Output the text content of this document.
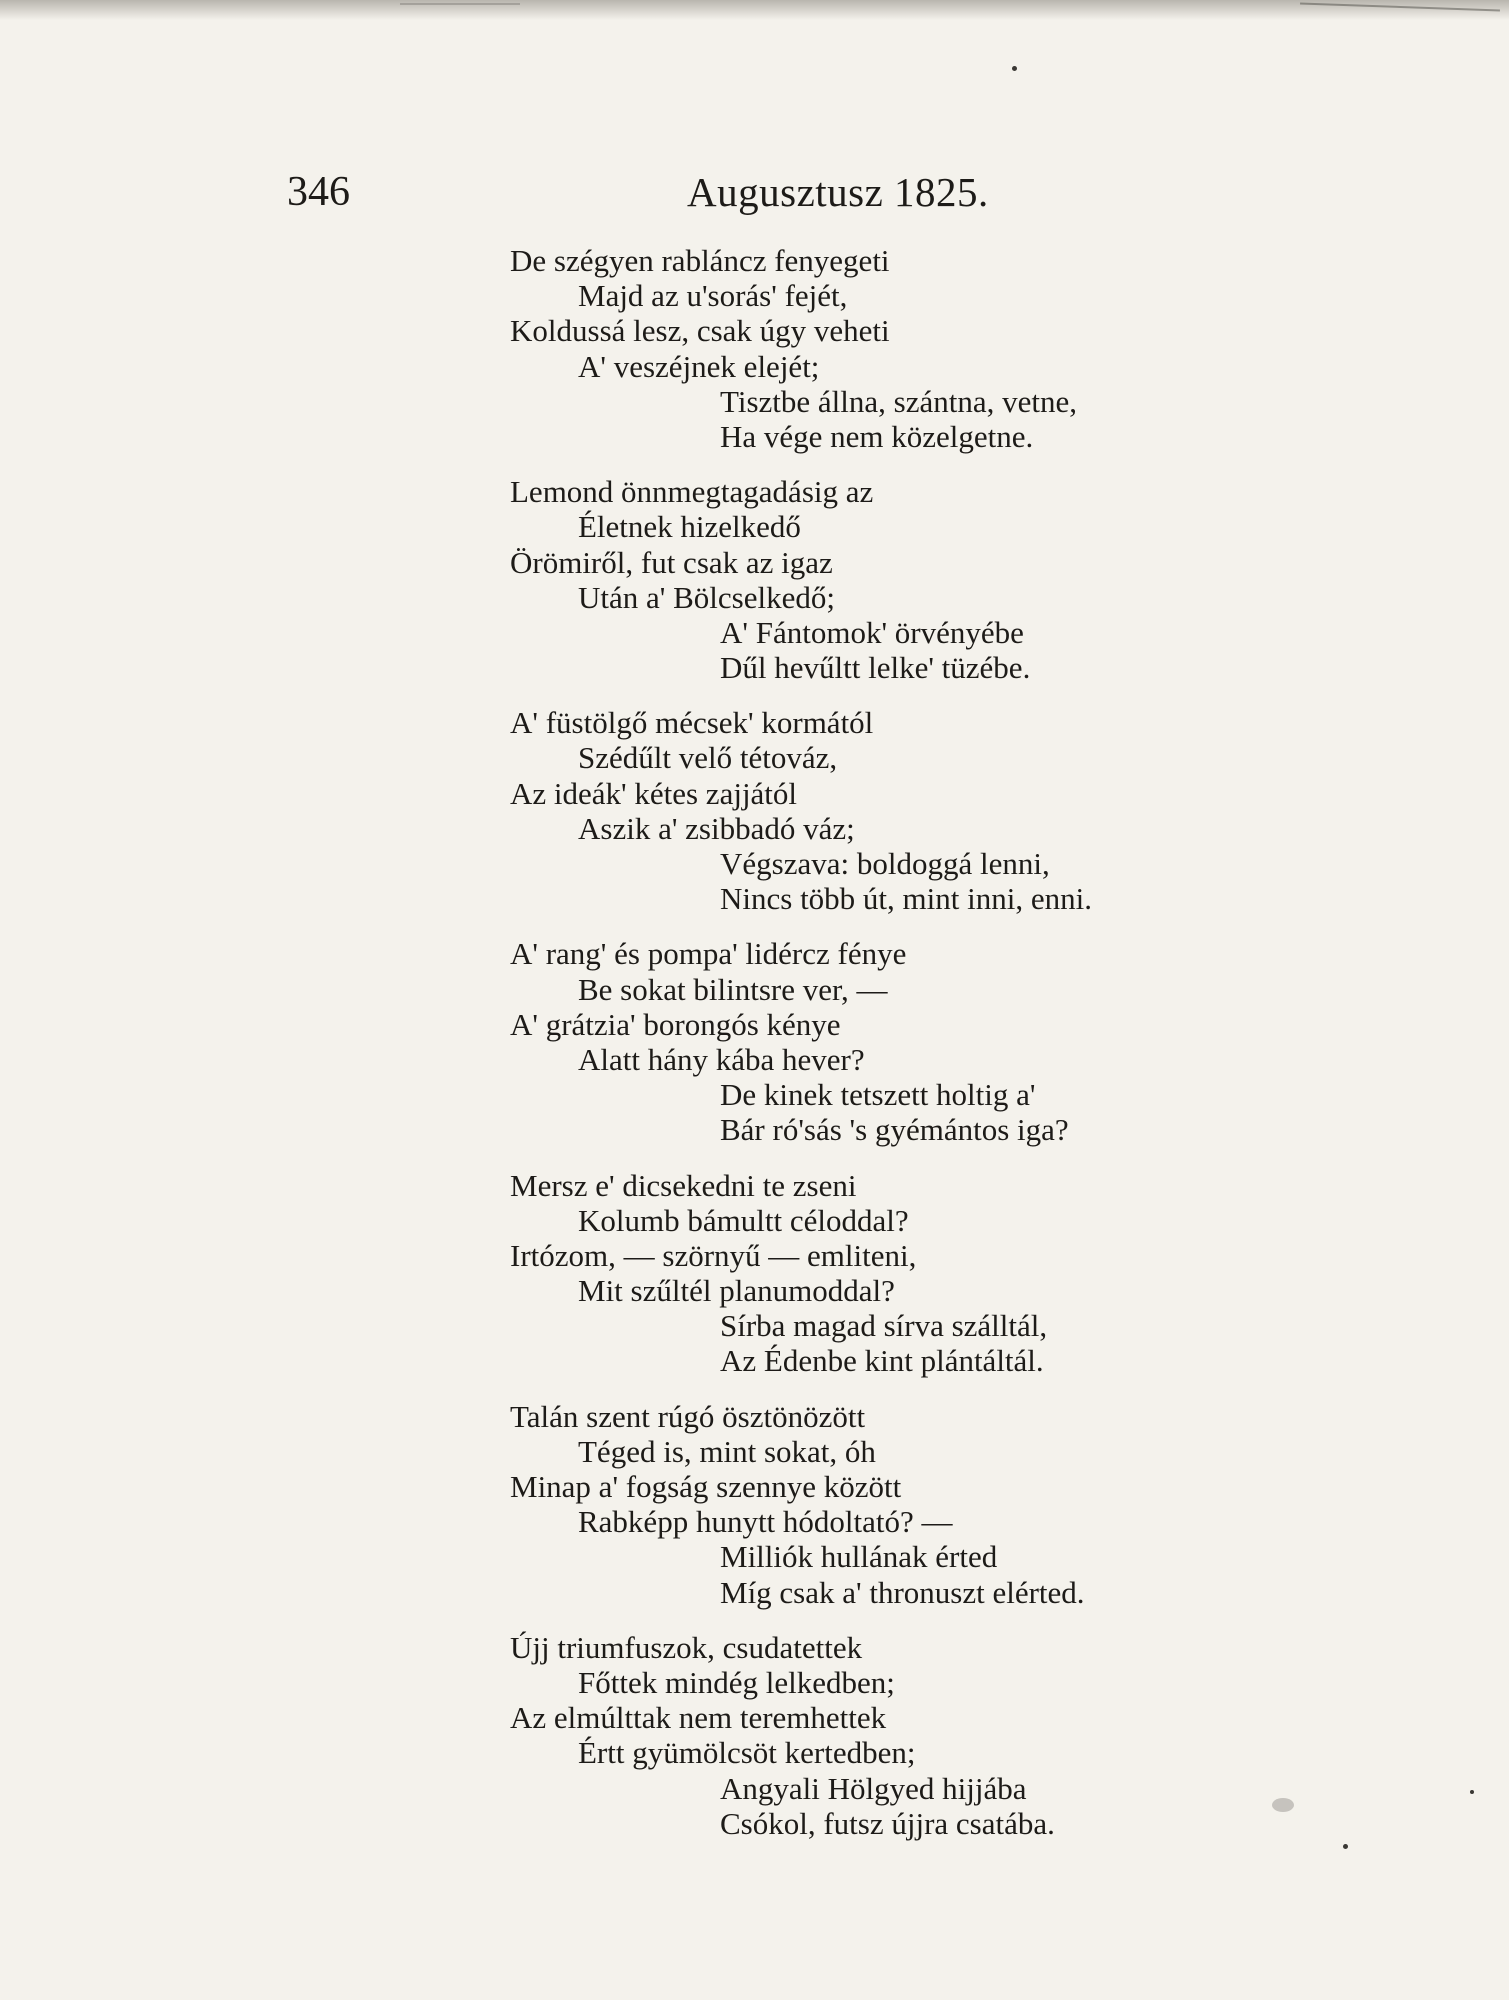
346	Augusztusz 1825.
De szégyen rabláncz fenyegeti
Majd az u'sorás' fejét,
Koldussá lesz, csak úgy veheti
A' veszéjnek elejét;
Tisztbe állna, szántna, vetne,
Ha vége nem közelgetne.
Lemond önnmegtagadásig az
Életnek hizelkedő
Örömiről, fut csak az igaz
Után a' Bölcselkedő;
A' Fántomok' örvényébe
Dűl hevűltt lelke' tüzébe.
A' füstölgő mécsek' kormától
Szédűlt velő tétováz,
Az ideák' kétes zajjától
Aszik a' zsibbadó váz;
Végszava: boldoggá lenni,
Nincs több út, mint inni, enni.
A' rang' és pompa' lidércz fénye
Be sokat bilintsre ver, —
A' grátzia' borongós kénye
Alatt hány kába hever?
De kinek tetszett holtig a'
Bár ró'sás 's gyémántos iga?
Mersz e' dicsekedni te zseni
Kolumb bámultt céloddal?
Irtózom, — szörnyű — emliteni,
Mit szűltél planumoddal?
Sírba magad sírva szálltál,
Az Édenbe kint plántáltál.
Talán szent rúgó ösztönözött
Téged is, mint sokat, óh
Minap a' fogság szennye között
Rabképp hunytt hódoltató? —
Milliók hullának érted
Míg csak a' thronuszt elérted.
Újj triumfuszok, csudatettek
Főttek mindég lelkedben;
Az elmúlttak nem teremhettek
Értt gyümölcsöt kertedben;
Angyali Hölgyed hijjába
Csókol, futsz újjra csatába.
